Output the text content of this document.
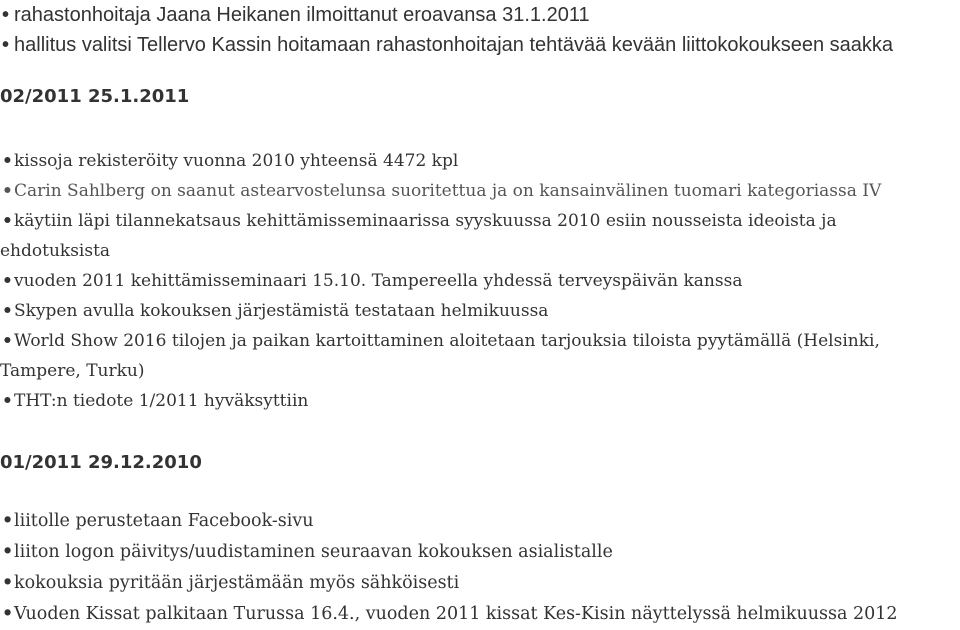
• rahastonhoitaja Jaana Heikanen ilmoittanut eroavansa 31.1.2011
• hallitus valitsi Tellervo Kassin hoitamaan rahastonhoitajan tehtävää kevään liittokokoukseen saakka
02/2011 25.1.2011
• kissoja rekisteröity vuonna 2010 yhteensä 4472 kpl
• Carin Sahlberg on saanut astearvostelunsa suoritettua ja on kansainvälinen tuomari kategoriassa IV
• käytiin läpi tilannekatsaus kehittämisseminaarissa syyskuussa 2010 esiin nousseista ideoista ja
ehdotuksista
• vuoden 2011 kehittämisseminaari 15.10. Tampereella yhdessä terveyspäivän kanssa
• Skypen avulla kokouksen järjestämistä testataan helmikuussa
• World Show 2016 tilojen ja paikan kartoittaminen aloitetaan tarjouksia tiloista pyytämällä (Helsinki,
Tampere, Turku)
• THT:n tiedote 1/2011 hyväksyttiin
01/2011 29.12.2010
• liitolle perustetaan Facebook-sivu
• liiton logon päivitys/uudistaminen seuraavan kokouksen asialistalle
• kokouksia pyritään järjestämään myös sähköisesti
• Vuoden Kissat palkitaan Turussa 16.4., vuoden 2011 kissat Kes-Kisin näyttelyssä helmikuussa 2012
